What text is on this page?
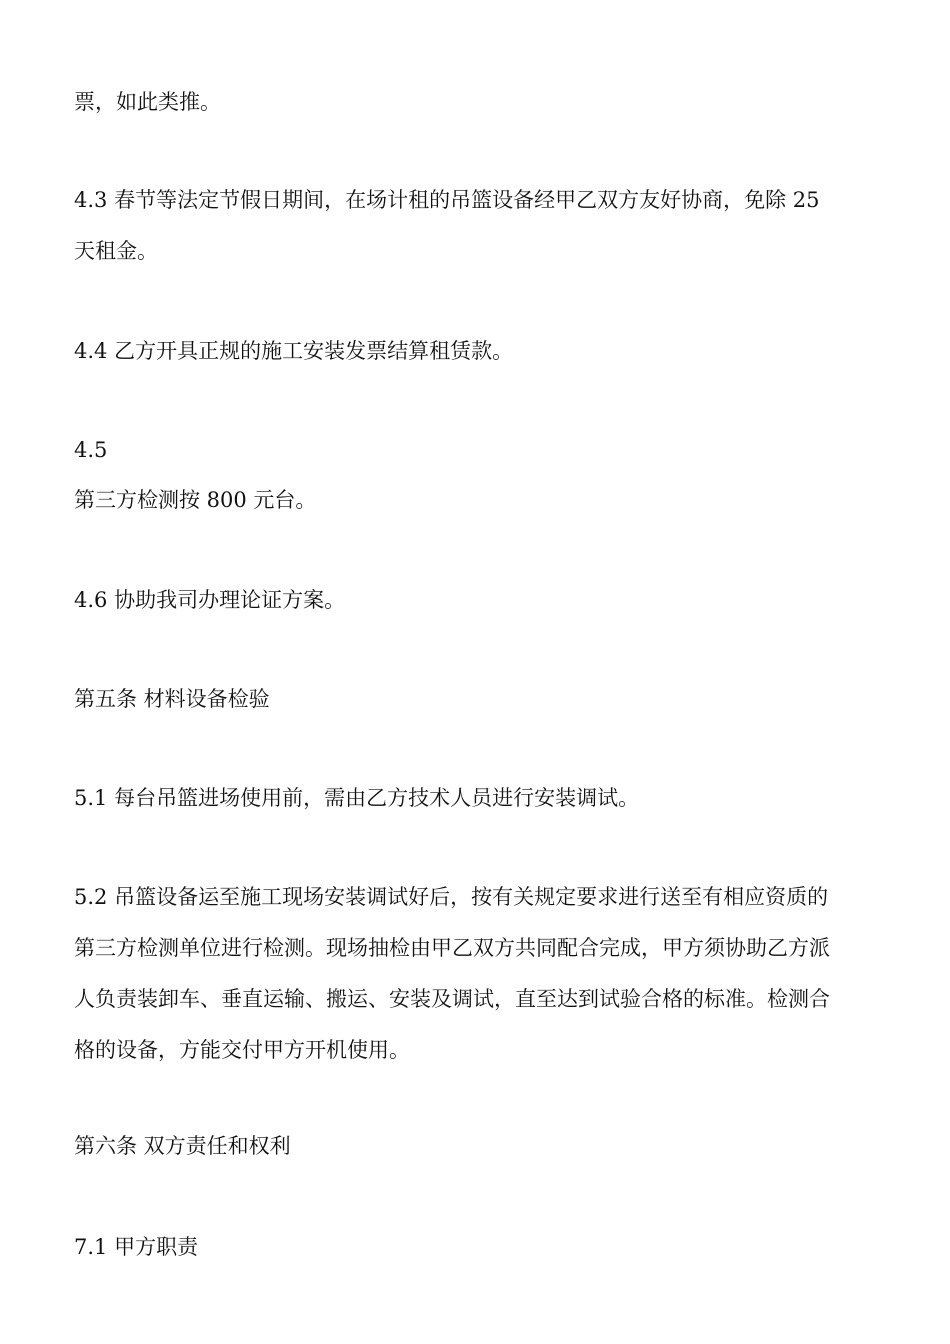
票，如此类推。
4.3 春节等法定节假日期间，在场计租的吊篮设备经甲乙双方友好协商，免除 25
天租金。
4.4 乙方开具正规的施工安装发票结算租赁款。
4.5
第三方检测按 800 元台。
4.6 协助我司办理论证方案。
第五条 材料设备检验
5.1 每台吊篮进场使用前，需由乙方技术人员进行安装调试。
5.2 吊篮设备运至施工现场安装调试好后，按有关规定要求进行送至有相应资质的
第三方检测单位进行检测。现场抽检由甲乙双方共同配合完成，甲方须协助乙方派
人负责装卸车、垂直运输、搬运、安装及调试，直至达到试验合格的标准。检测合
格的设备，方能交付甲方开机使用。
第六条 双方责任和权利
7.1 甲方职责
